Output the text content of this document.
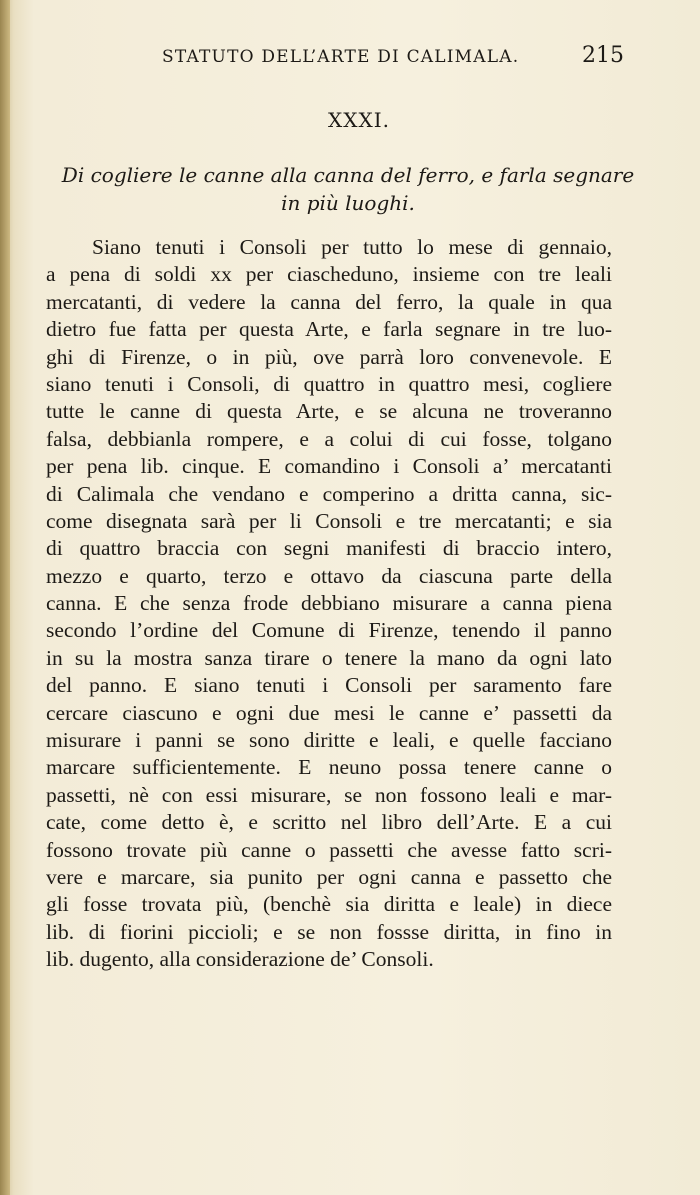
STATUTO DELL’ARTE DI CALIMALA.	215
XXXI.
Di cogliere le canne alla canna del ferro, e farla segnare
in più luoghi.
Siano tenuti i Consoli per tutto lo mese di gennaio,
a pena di soldi xx per ciascheduno, insieme con tre leali
mercatanti, di vedere la canna del ferro, la quale in qua
dietro fue fatta per questa Arte, e farla segnare in tre luo-
ghi di Firenze, o in più, ove parrà loro convenevole. E
siano tenuti i Consoli, di quattro in quattro mesi, cogliere
tutte le canne di questa Arte, e se alcuna ne troveranno
falsa, debbianla rompere, e a colui di cui fosse, tolgano
per pena lib. cinque. E comandino i Consoli a’ mercatanti
di Calimala che vendano e comperino a dritta canna, sic-
come disegnata sarà per li Consoli e tre mercatanti; e sia
di quattro braccia con segni manifesti di braccio intero,
mezzo e quarto, terzo e ottavo da ciascuna parte della
canna. E che senza frode debbiano misurare a canna piena
secondo l’ordine del Comune di Firenze, tenendo il panno
in su la mostra sanza tirare o tenere la mano da ogni lato
del panno. E siano tenuti i Consoli per saramento fare
cercare ciascuno e ogni due mesi le canne e’ passetti da
misurare i panni se sono diritte e leali, e quelle facciano
marcare sufficientemente. E neuno possa tenere canne o
passetti, nè con essi misurare, se non fossono leali e mar-
cate, come detto è, e scritto nel libro dell’Arte. E a cui
fossono trovate più canne o passetti che avesse fatto scri-
vere e marcare, sia punito per ogni canna e passetto che
gli fosse trovata più, (benchè sia diritta e leale) in diece
lib. di fiorini piccioli; e se non fossse diritta, in fino in
lib. dugento, alla considerazione de’ Consoli.
